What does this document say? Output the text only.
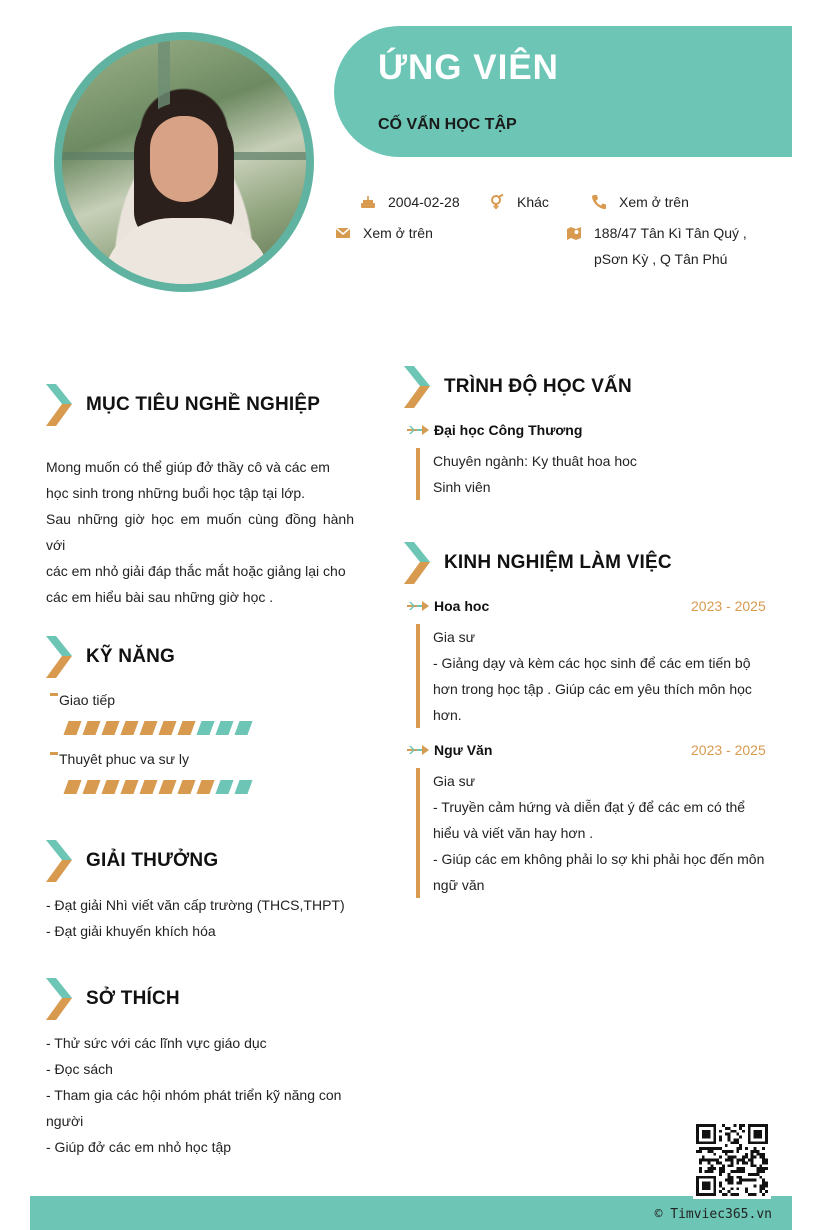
ỨNG VIÊN
CỐ VẤN HỌC TẬP
2004-02-28	Khác	Xem ở trên
Xem ở trên	188/47 Tân Kì Tân Quý ,
pSơn Kỳ , Q Tân Phú
MỤC TIÊU NGHỀ NGHIỆP
Mong muốn có thể giúp đở thầy cô và các em
học sinh trong những buổi học tập tại lớp.
Sau những giờ học em muốn cùng đồng hành với
các em nhỏ giải đáp thắc mắt hoặc giảng lại cho
các em hiểu bài sau những giờ học .
KỸ NĂNG
Giao tiếp
Thuyêt phuc va sư ly
GIẢI THƯỞNG
- Đạt giải Nhì viết văn cấp trường (THCS,THPT)
- Đạt giải khuyến khích hóa
SỞ THÍCH
- Thử sức với các lĩnh vực giáo dục
- Đọc sách
- Tham gia các hội nhóm phát triển kỹ năng con
người
- Giúp đở các em nhỏ học tập
TRÌNH ĐỘ HỌC VẤN
Đại học Công Thương
Chuyên ngành: Ky thuât hoa hoc
Sinh viên
KINH NGHIỆM LÀM VIỆC
Hoa hoc	2023 - 2025
Gia sư
- Giảng dạy và kèm các học sinh để các em tiến bộ
hơn trong học tập . Giúp các em yêu thích môn học
hơn.
Ngư Văn	2023 - 2025
Gia sư
- Truyền cảm hứng và diễn đạt ý để các em có thể
hiểu và viết văn hay hơn .
- Giúp các em không phải lo sợ khi phải học đến môn
ngữ văn
© Timviec365.vn
